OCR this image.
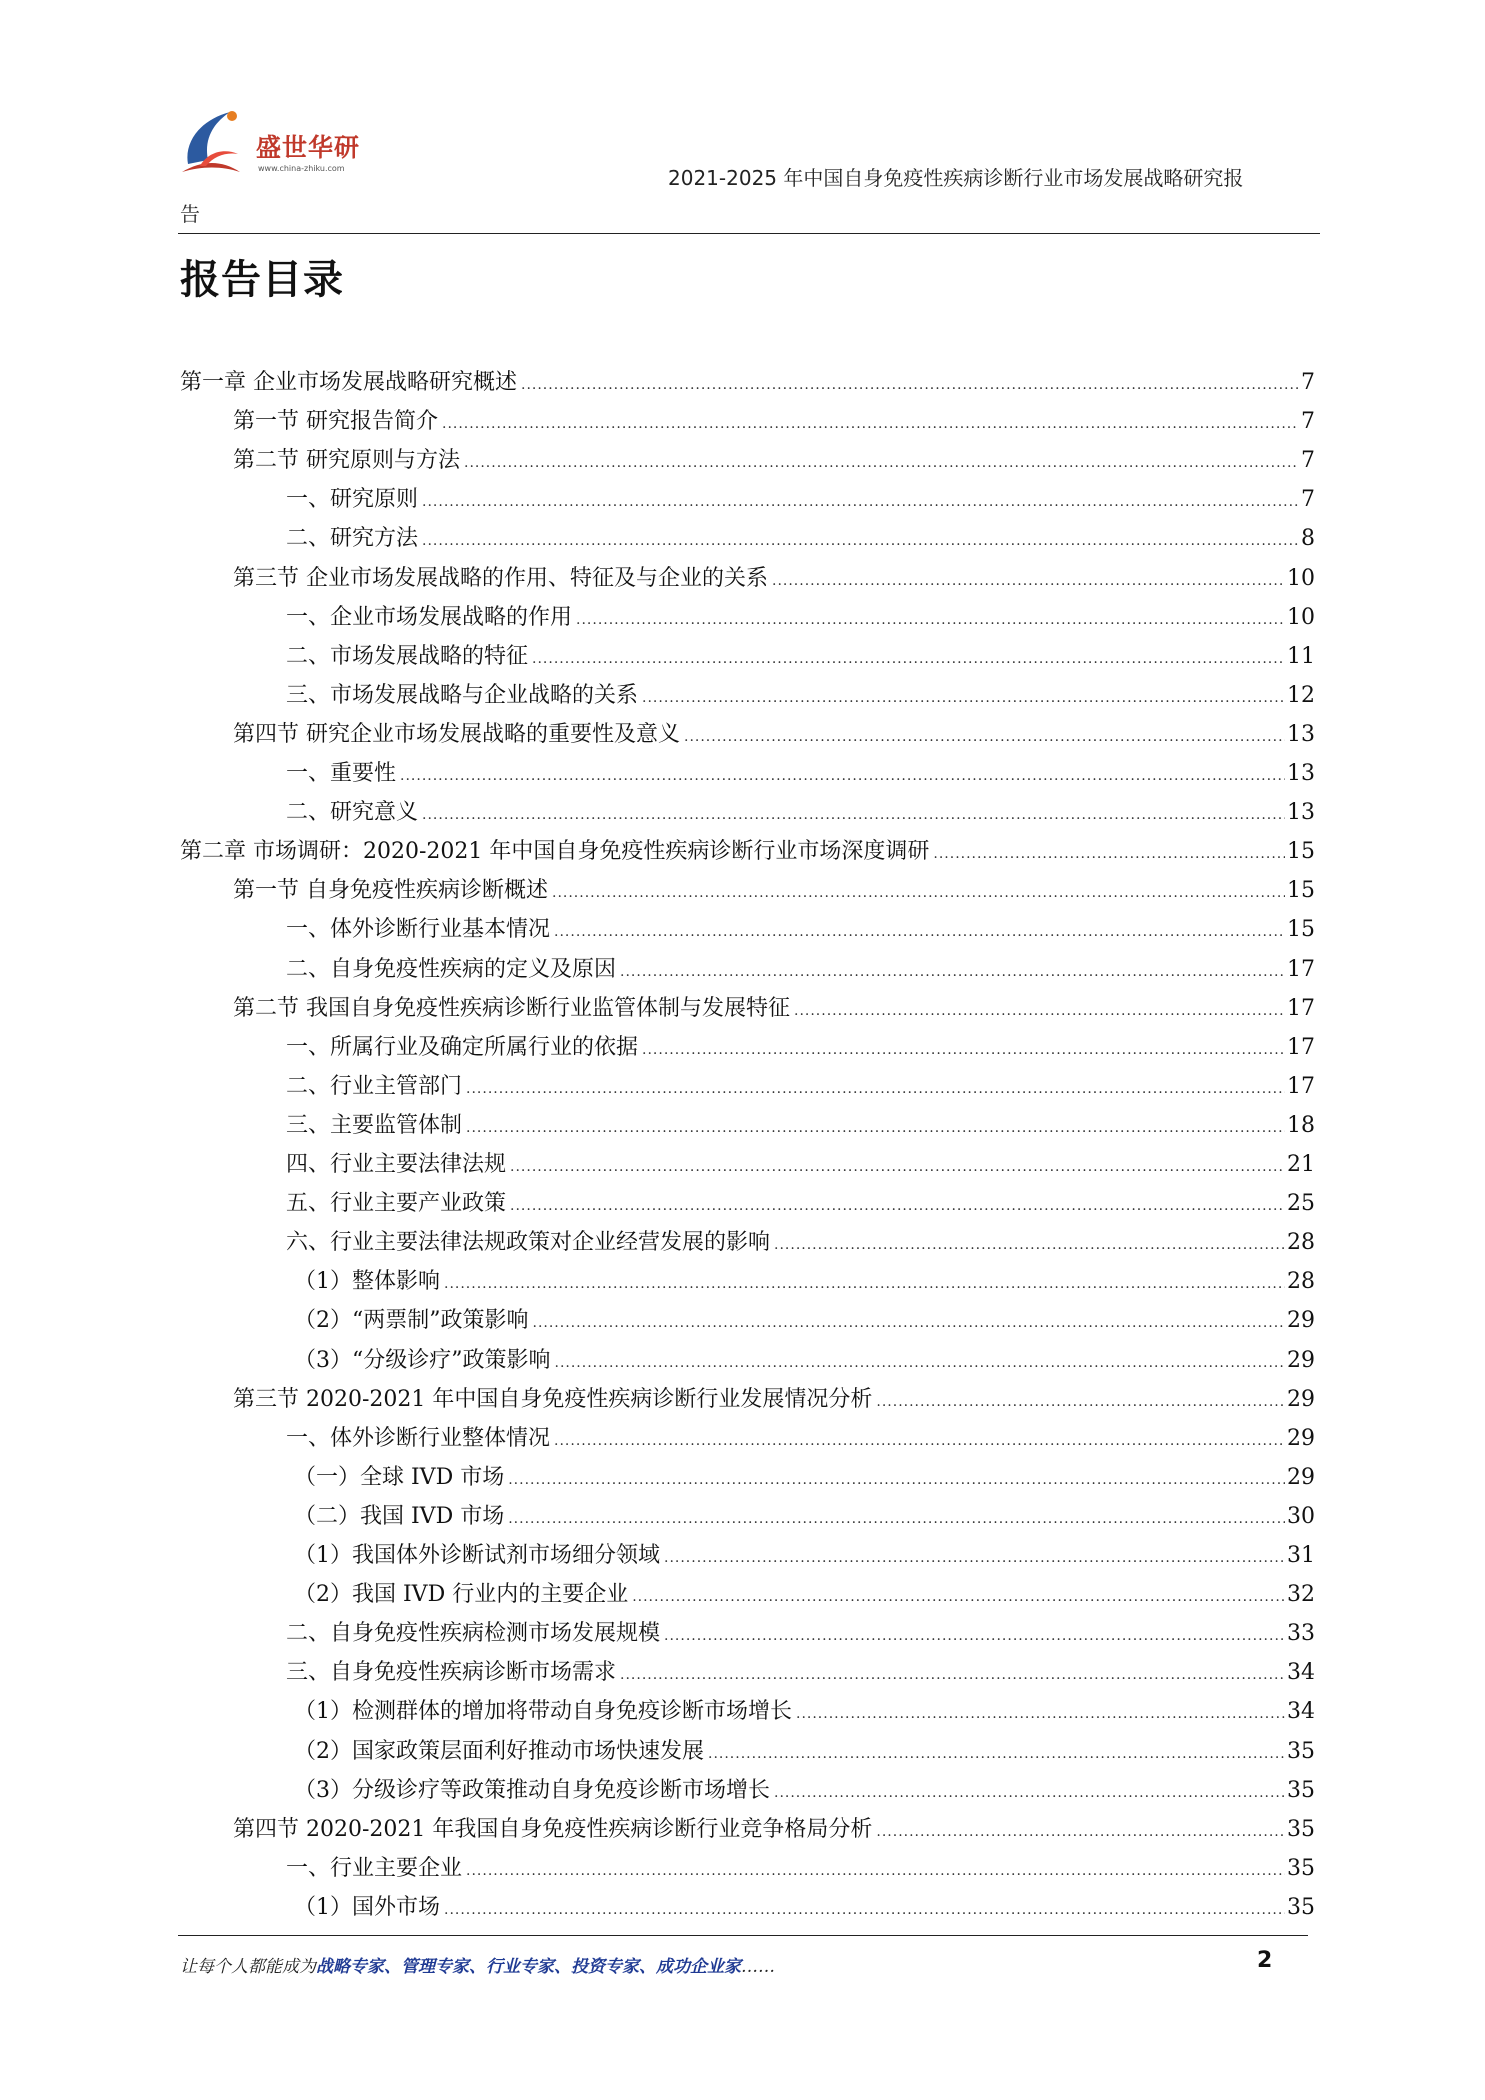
盛世华研
www.china-zhiku.com	2021-2025 年中国自身免疫性疾病诊断行业市场发展战略研究报
告
报告目录
第一章 企业市场发展战略研究概述 .....	7
第一节 研究报告简介 .....	7
第二节 研究原则与方法 .....	7
一、研究原则 .....	7
二、研究方法 .....	8
第三节 企业市场发展战略的作用、特征及与企业的关系 .....	10
一、企业市场发展战略的作用 .....	10
二、市场发展战略的特征 .....	11
三、市场发展战略与企业战略的关系 .....	12
第四节 研究企业市场发展战略的重要性及意义 .....	13
一、重要性 .....	13
二、研究意义 .....	13
第二章 市场调研：2020-2021 年中国自身免疫性疾病诊断行业市场深度调研 .....	15
第一节 自身免疫性疾病诊断概述 .....	15
一、体外诊断行业基本情况 .....	15
二、自身免疫性疾病的定义及原因 .....	17
第二节 我国自身免疫性疾病诊断行业监管体制与发展特征 .....	17
一、所属行业及确定所属行业的依据 .....	17
二、行业主管部门 .....	17
三、主要监管体制 .....	18
四、行业主要法律法规 .....	21
五、行业主要产业政策 .....	25
六、行业主要法律法规政策对企业经营发展的影响 .....	28
（1）整体影响 .....	28
（2）“两票制”政策影响 .....	29
（3）“分级诊疗”政策影响 .....	29
第三节 2020-2021 年中国自身免疫性疾病诊断行业发展情况分析 .....	29
一、体外诊断行业整体情况 .....	29
（一）全球 IVD 市场 .....	29
（二）我国 IVD 市场 .....	30
（1）我国体外诊断试剂市场细分领域 .....	31
（2）我国 IVD 行业内的主要企业 .....	32
二、自身免疫性疾病检测市场发展规模 .....	33
三、自身免疫性疾病诊断市场需求 .....	34
（1）检测群体的增加将带动自身免疫诊断市场增长 .....	34
（2）国家政策层面利好推动市场快速发展 .....	35
（3）分级诊疗等政策推动自身免疫诊断市场增长 .....	35
第四节 2020-2021 年我国自身免疫性疾病诊断行业竞争格局分析 .....	35
一、行业主要企业 .....	35
（1）国外市场 .....	35
让每个人都能成为战略专家、管理专家、行业专家、投资专家、成功企业家……	2
